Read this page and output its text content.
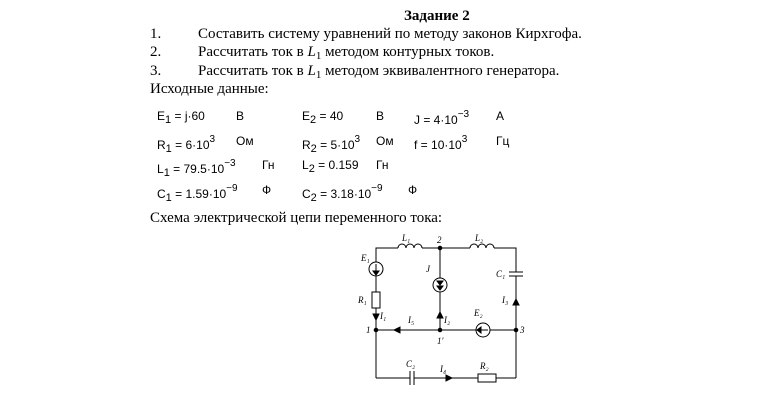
Задание 2
1. Составить систему уравнений по методу законов Кирхгофа.
2. Рассчитать ток в $L_1$ методом контурных токов.
3. Рассчитать ток в $L_1$ методом эквивалентного генератора.
Исходные данные:
E1 = j·60	В	E2 = 40	В $J = 4\cdot 10^{-3}$ А
$R1 = 6\cdot 10^3$ Ом	$R2 = 5\cdot 10^3$ Ом $f = 10\cdot 10^3$ Гц
$L1 = 79.5\cdot 10^{-3}$ Гн L2 = 0.159 Гн
$C1 = 1.59\cdot 10^{-9}$ Ф	$C2 = 3.18\cdot 10^{-9}$ Ф
Схема электрической цепи переменного тока:
L₁	L₂
2
E₁
R₁
I₁
J
I₅	I₂
E₂
C₁
I₃
1	3
1'
C₂	I₄	R₂
